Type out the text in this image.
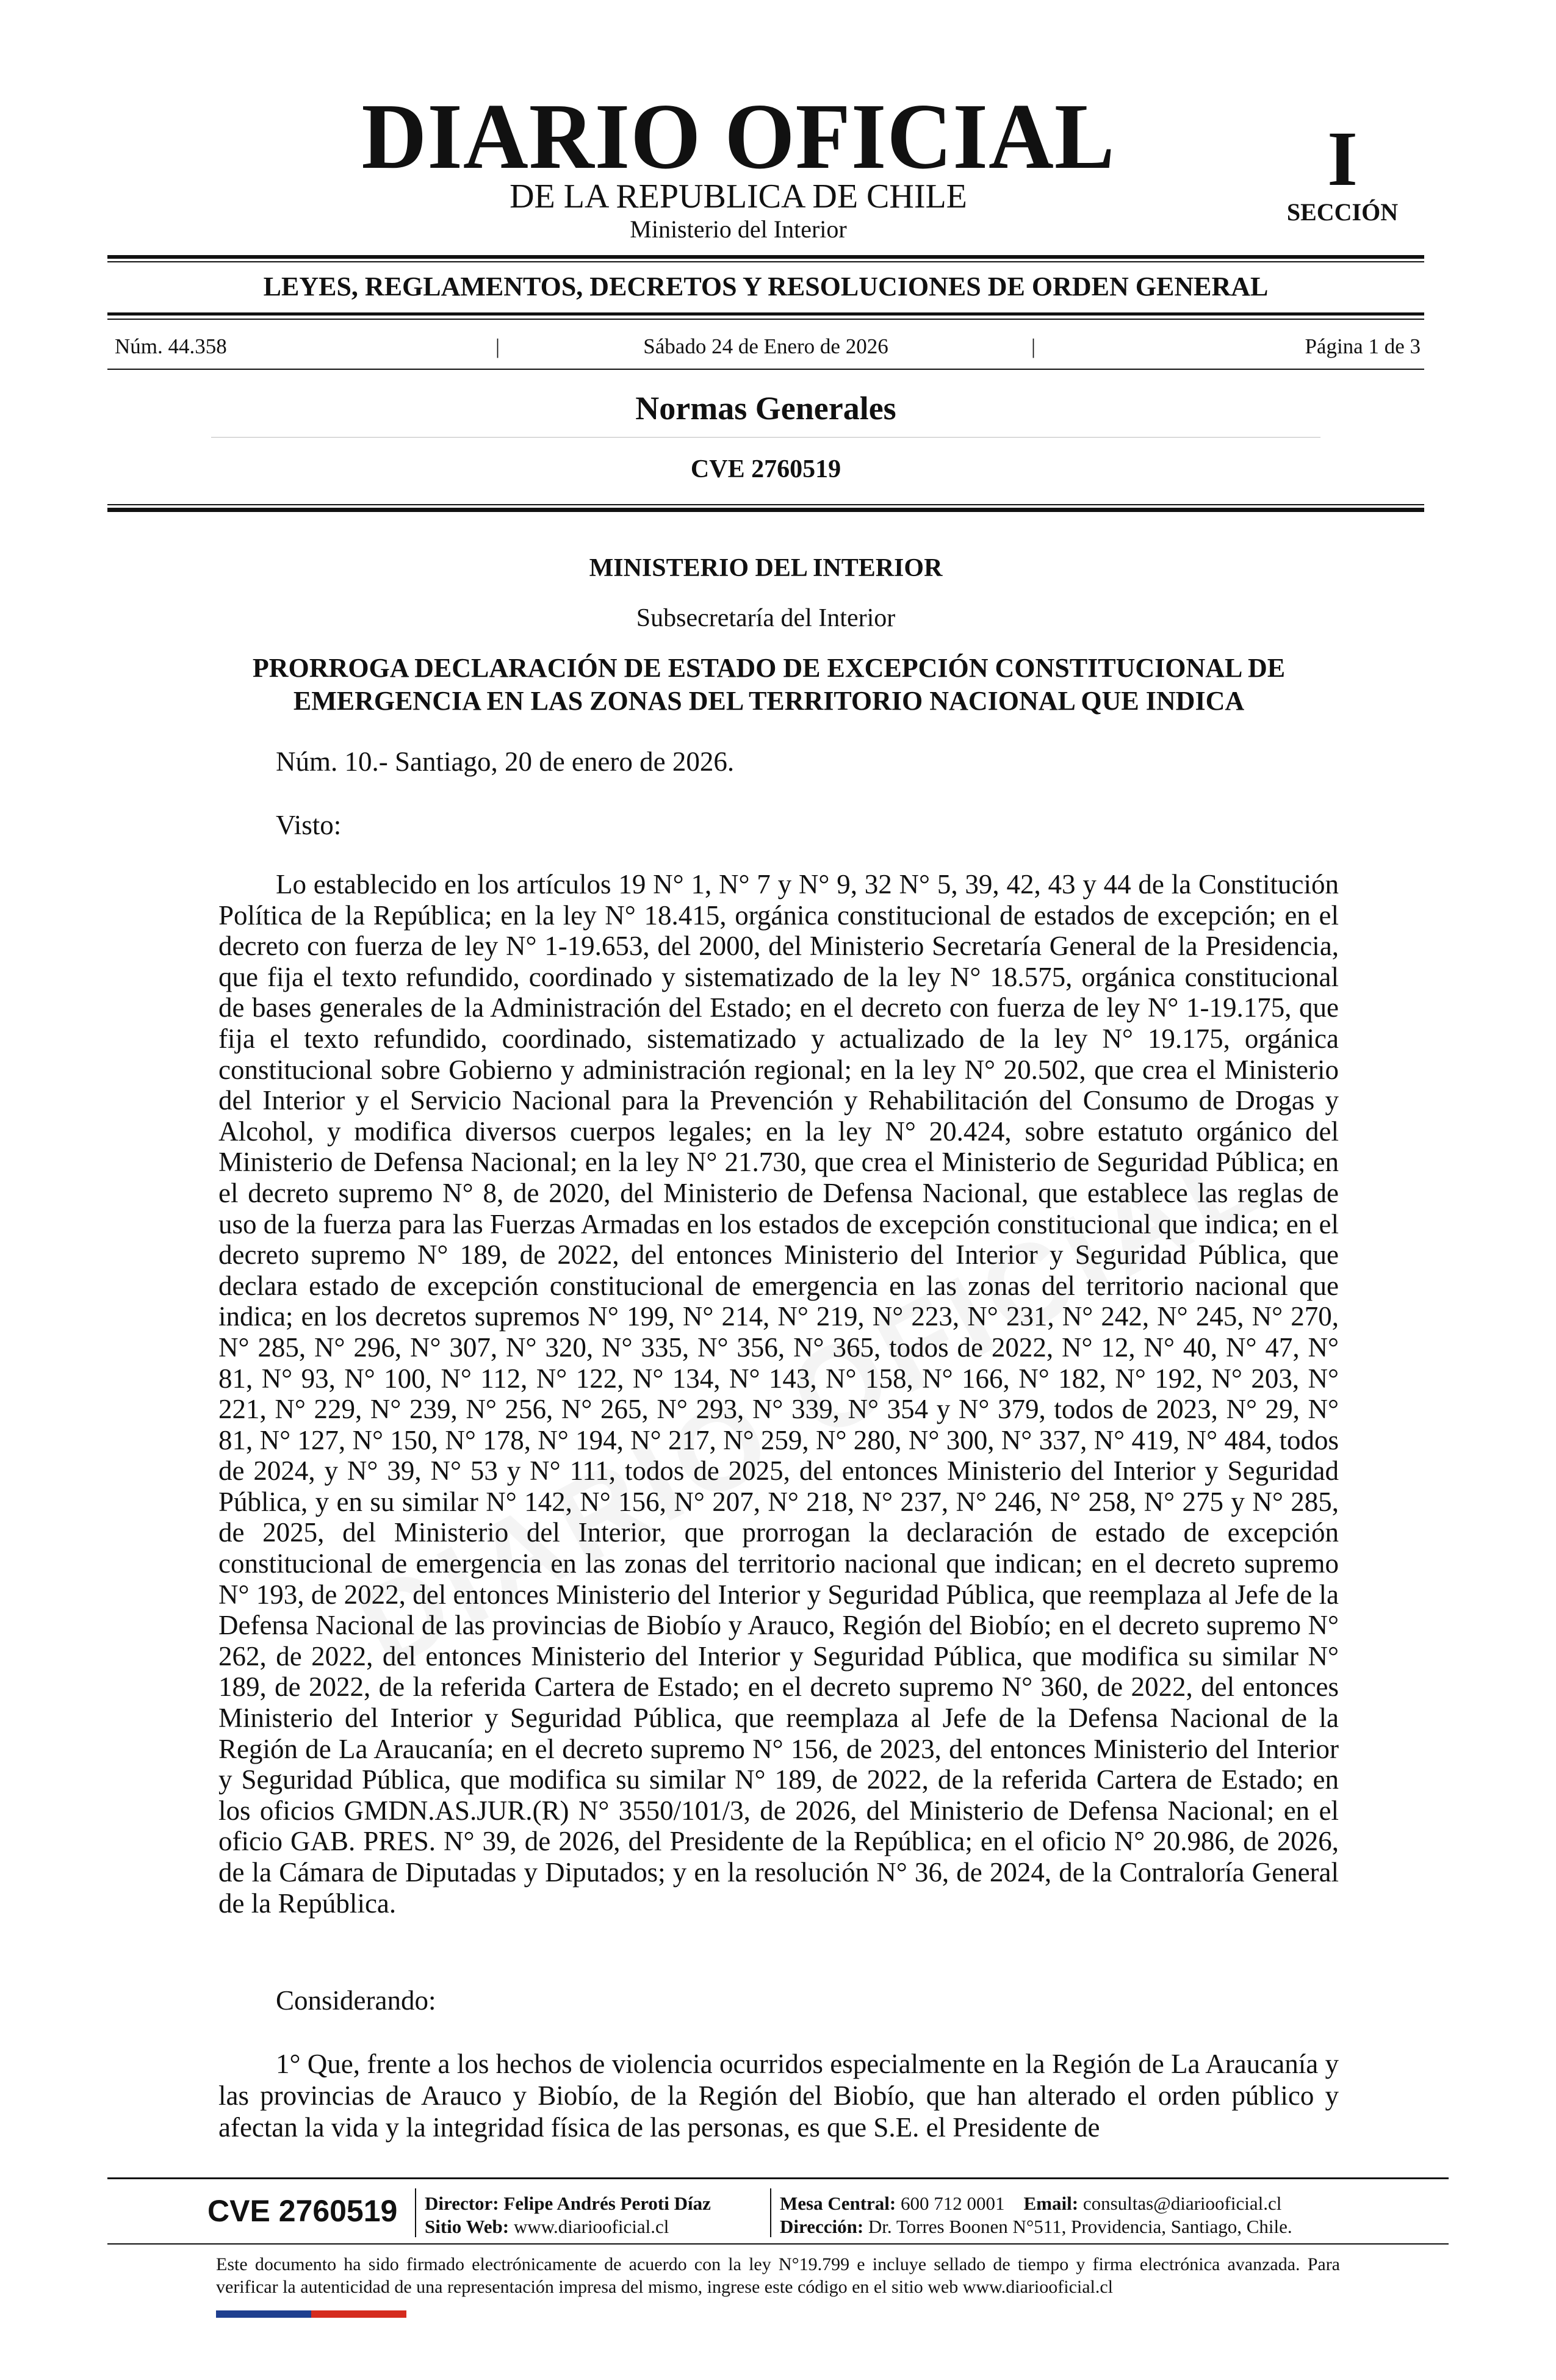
DIARIO OFICIAL
DE LA REPUBLICA DE CHILE
Ministerio del Interior
I
SECCIÓN
LEYES, REGLAMENTOS, DECRETOS Y RESOLUCIONES DE ORDEN GENERAL
Núm. 44.358	|	Sábado 24 de Enero de 2026	|	Página 1 de 3
Normas Generales
CVE 2760519
MINISTERIO DEL INTERIOR
Subsecretaría del Interior
PRORROGA DECLARACIÓN DE ESTADO DE EXCEPCIÓN CONSTITUCIONAL DE EMERGENCIA EN LAS ZONAS DEL TERRITORIO NACIONAL QUE INDICA
Núm. 10.- Santiago, 20 de enero de 2026.
Visto:
Lo establecido en los artículos 19 N° 1, N° 7 y N° 9, 32 N° 5, 39, 42, 43 y 44 de la Constitución Política de la República; en la ley N° 18.415, orgánica constitucional de estados de excepción; en el decreto con fuerza de ley N° 1-19.653, del 2000, del Ministerio Secretaría General de la Presidencia, que fija el texto refundido, coordinado y sistematizado de la ley N° 18.575, orgánica constitucional de bases generales de la Administración del Estado; en el decreto con fuerza de ley N° 1-19.175, que fija el texto refundido, coordinado, sistematizado y actualizado de la ley N° 19.175, orgánica constitucional sobre Gobierno y administración regional; en la ley N° 20.502, que crea el Ministerio del Interior y el Servicio Nacional para la Prevención y Rehabilitación del Consumo de Drogas y Alcohol, y modifica diversos cuerpos legales; en la ley N° 20.424, sobre estatuto orgánico del Ministerio de Defensa Nacional; en la ley N° 21.730, que crea el Ministerio de Seguridad Pública; en el decreto supremo N° 8, de 2020, del Ministerio de Defensa Nacional, que establece las reglas de uso de la fuerza para las Fuerzas Armadas en los estados de excepción constitucional que indica; en el decreto supremo N° 189, de 2022, del entonces Ministerio del Interior y Seguridad Pública, que declara estado de excepción constitucional de emergencia en las zonas del territorio nacional que indica; en los decretos supremos N° 199, N° 214, N° 219, N° 223, N° 231, N° 242, N° 245, N° 270, N° 285, N° 296, N° 307, N° 320, N° 335, N° 356, N° 365, todos de 2022, N° 12, N° 40, N° 47, N° 81, N° 93, N° 100, N° 112, N° 122, N° 134, N° 143, N° 158, N° 166, N° 182, N° 192, N° 203, N° 221, N° 229, N° 239, N° 256, N° 265, N° 293, N° 339, N° 354 y N° 379, todos de 2023, N° 29, N° 81, N° 127, N° 150, N° 178, N° 194, N° 217, N° 259, N° 280, N° 300, N° 337, N° 419, N° 484, todos de 2024, y N° 39, N° 53 y N° 111, todos de 2025, del entonces Ministerio del Interior y Seguridad Pública, y en su similar N° 142, N° 156, N° 207, N° 218, N° 237, N° 246, N° 258, N° 275 y N° 285, de 2025, del Ministerio del Interior, que prorrogan la declaración de estado de excepción constitucional de emergencia en las zonas del territorio nacional que indican; en el decreto supremo N° 193, de 2022, del entonces Ministerio del Interior y Seguridad Pública, que reemplaza al Jefe de la Defensa Nacional de las provincias de Biobío y Arauco, Región del Biobío; en el decreto supremo N° 262, de 2022, del entonces Ministerio del Interior y Seguridad Pública, que modifica su similar N° 189, de 2022, de la referida Cartera de Estado; en el decreto supremo N° 360, de 2022, del entonces Ministerio del Interior y Seguridad Pública, que reemplaza al Jefe de la Defensa Nacional de la Región de La Araucanía; en el decreto supremo N° 156, de 2023, del entonces Ministerio del Interior y Seguridad Pública, que modifica su similar N° 189, de 2022, de la referida Cartera de Estado; en los oficios GMDN.AS.JUR.(R) N° 3550/101/3, de 2026, del Ministerio de Defensa Nacional; en el oficio GAB. PRES. N° 39, de 2026, del Presidente de la República; en el oficio N° 20.986, de 2026, de la Cámara de Diputadas y Diputados; y en la resolución N° 36, de 2024, de la Contraloría General de la República.
Considerando:
1° Que, frente a los hechos de violencia ocurridos especialmente en la Región de La Araucanía y las provincias de Arauco y Biobío, de la Región del Biobío, que han alterado el orden público y afectan la vida y la integridad física de las personas, es que S.E. el Presidente de
CVE 2760519 Director: Felipe Andrés Peroti Díaz
Sitio Web: www.diariooficial.cl
Mesa Central: 600 712 0001 Email: consultas@diariooficial.cl
Dirección: Dr. Torres Boonen N°511, Providencia, Santiago, Chile.
Este documento ha sido firmado electrónicamente de acuerdo con la ley N°19.799 e incluye sellado de tiempo y firma electrónica avanzada. Para verificar la autenticidad de una representación impresa del mismo, ingrese este código en el sitio web www.diariooficial.cl
